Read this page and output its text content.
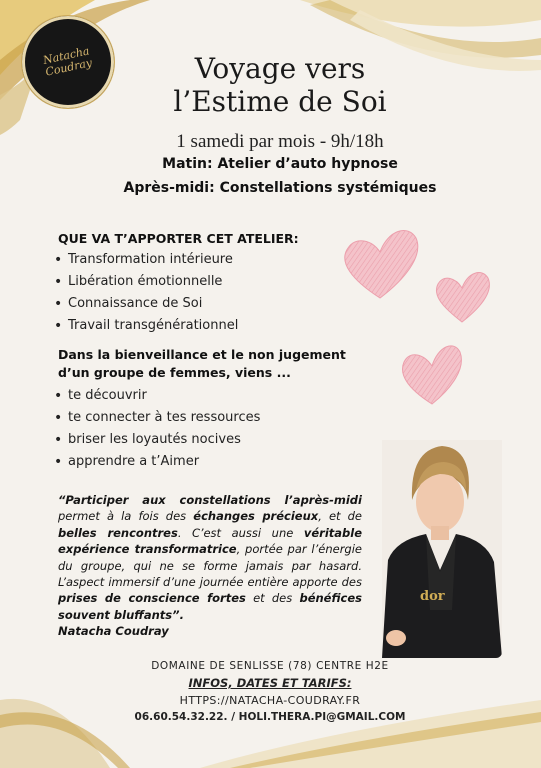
Natacha
Coudray	Voyage vers
l’Estime de Soi
1 samedi par mois - 9h/18h
Matin: Atelier d’auto hypnose
Après-midi: Constellations systémiques
QUE VA T’APPORTER CET ATELIER:
• Transformation intérieure
• Libération émotionnelle
• Connaissance de Soi
• Travail transgénérationnel
Dans la bienveillance et le non jugement
d’un groupe de femmes, viens ...
• te découvrir
• te connecter à tes ressources
• briser les loyautés nocives
• apprendre a t’Aimer
“Participer aux constellations l’après-midi permet à la fois des échanges précieux, et de belles rencontres. C’est aussi une véritable expérience transformatrice, portée par l’énergie du groupe, qui ne se forme jamais par hasard. L’aspect immersif d’une journée entière apporte des prises de conscience fortes et des bénéfices souvent bluffants”.
Natacha Coudray
dor
DOMAINE DE SENLISSE (78) CENTRE H2E
INFOS, DATES ET TARIFS:
HTTPS://NATACHA-COUDRAY.FR
06.60.54.32.22. / HOLI.THERA.PI@GMAIL.COM
